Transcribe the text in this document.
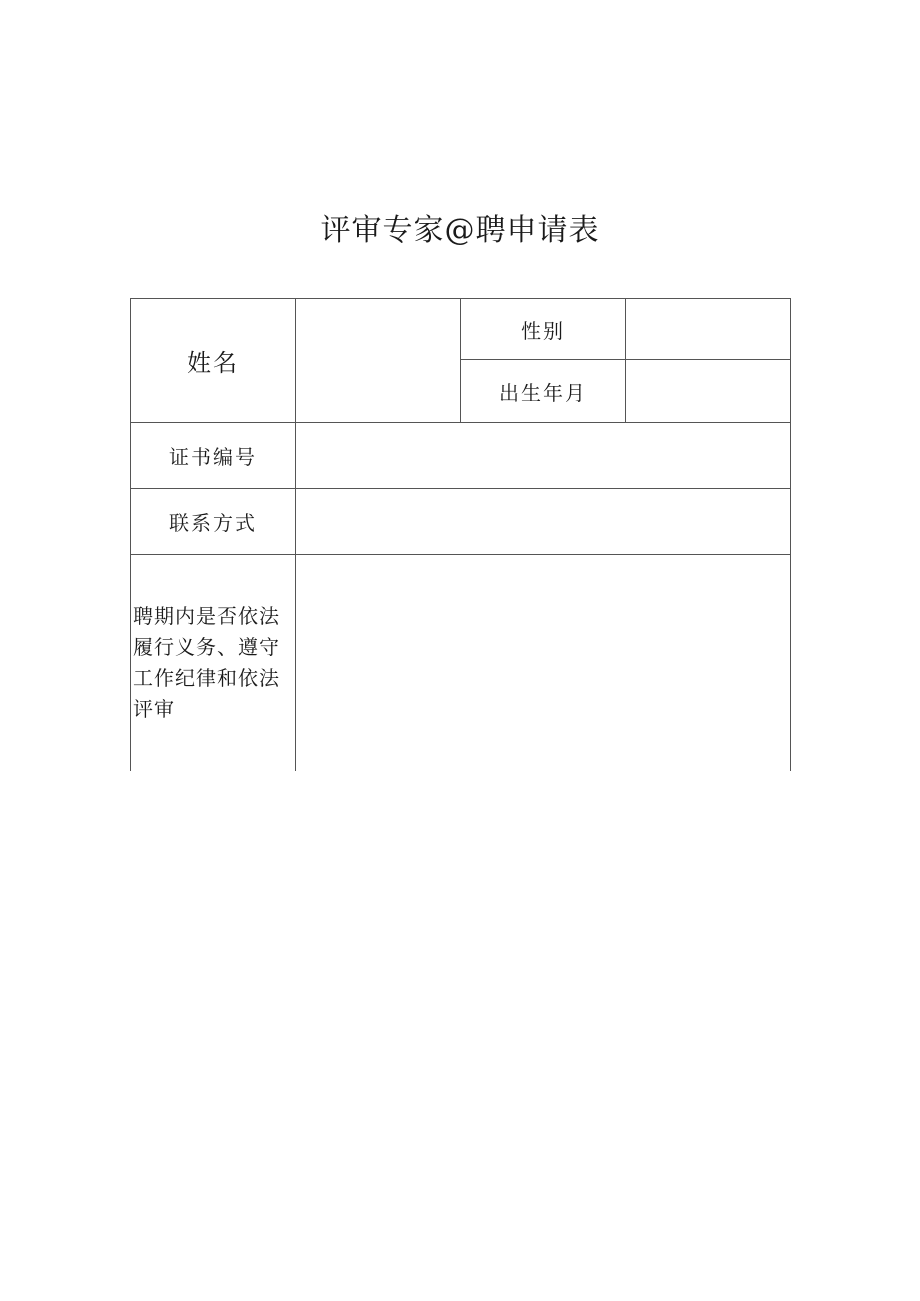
评审专家@聘申请表
姓名		性别	
		出生年月	
证书编号			
联系方式			
聘期内是否依法履行义务、遵守工作纪律和依法评审			
